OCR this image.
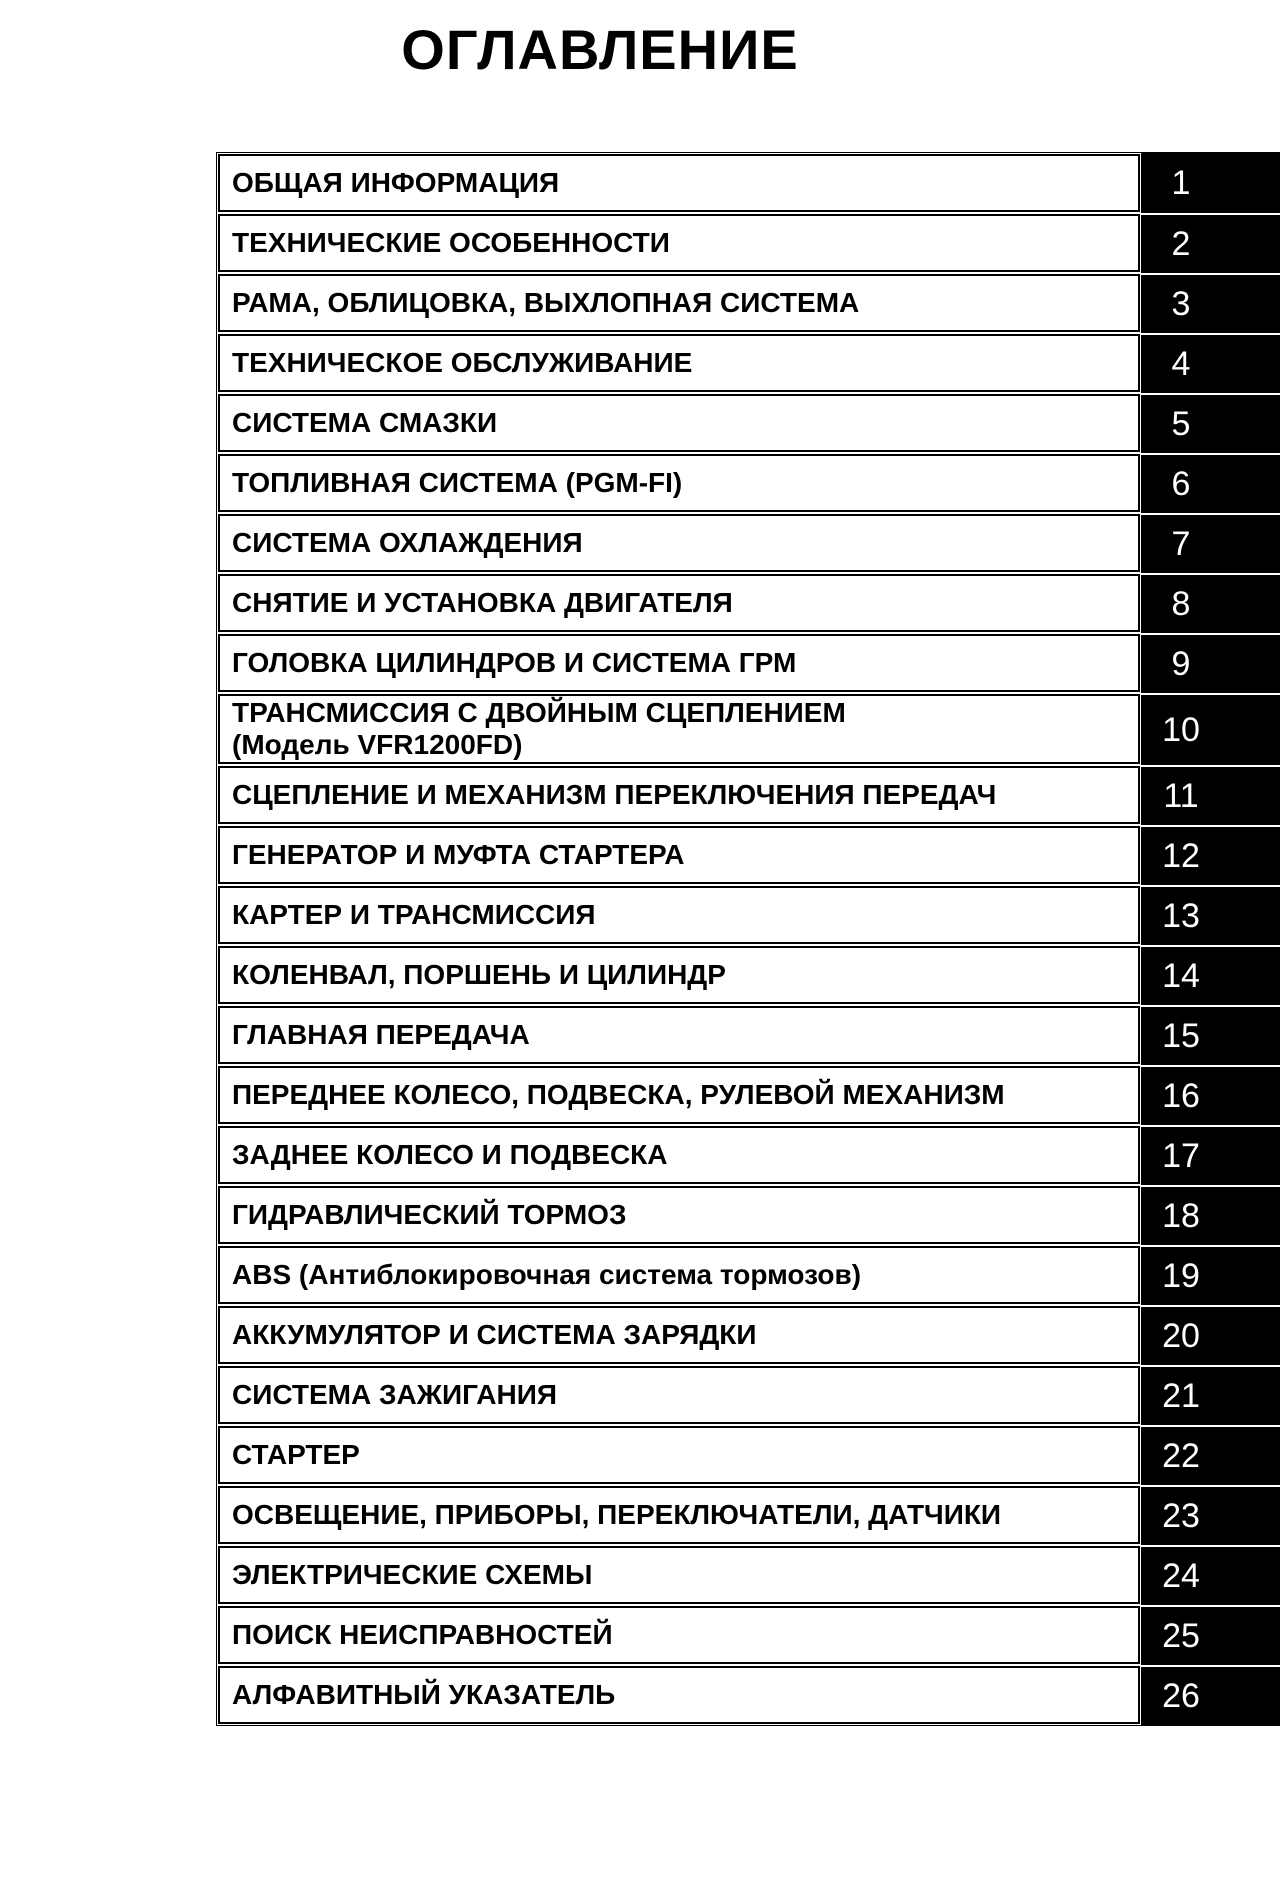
ОГЛАВЛЕНИЕ
ОБЩАЯ ИНФОРМАЦИЯ	1
ТЕХНИЧЕСКИЕ ОСОБЕННОСТИ	2
РАМА, ОБЛИЦОВКА, ВЫХЛОПНАЯ СИСТЕМА	3
ТЕХНИЧЕСКОЕ ОБСЛУЖИВАНИЕ	4
СИСТЕМА СМАЗКИ	5
ТОПЛИВНАЯ СИСТЕМА (PGM-FI)	6
СИСТЕМА ОХЛАЖДЕНИЯ	7
СНЯТИЕ И УСТАНОВКА ДВИГАТЕЛЯ	8
ГОЛОВКА ЦИЛИНДРОВ И СИСТЕМА ГРМ	9
ТРАНСМИССИЯ С ДВОЙНЫМ СЦЕПЛЕНИЕМ
(Модель VFR1200FD)	10
СЦЕПЛЕНИЕ И МЕХАНИЗМ ПЕРЕКЛЮЧЕНИЯ ПЕРЕДАЧ	11
ГЕНЕРАТОР И МУФТА СТАРТЕРА	12
КАРТЕР И ТРАНСМИССИЯ	13
КОЛЕНВАЛ, ПОРШЕНЬ И ЦИЛИНДР	14
ГЛАВНАЯ ПЕРЕДАЧА	15
ПЕРЕДНЕЕ КОЛЕСО, ПОДВЕСКА, РУЛЕВОЙ МЕХАНИЗМ	16
ЗАДНЕЕ КОЛЕСО И ПОДВЕСКА	17
ГИДРАВЛИЧЕСКИЙ ТОРМОЗ	18
ABS (Антиблокировочная система тормозов)	19
АККУМУЛЯТОР И СИСТЕМА ЗАРЯДКИ	20
СИСТЕМА ЗАЖИГАНИЯ	21
СТАРТЕР	22
ОСВЕЩЕНИЕ, ПРИБОРЫ, ПЕРЕКЛЮЧАТЕЛИ, ДАТЧИКИ	23
ЭЛЕКТРИЧЕСКИЕ СХЕМЫ	24
ПОИСК НЕИСПРАВНОСТЕЙ	25
АЛФАВИТНЫЙ УКАЗАТЕЛЬ	26
